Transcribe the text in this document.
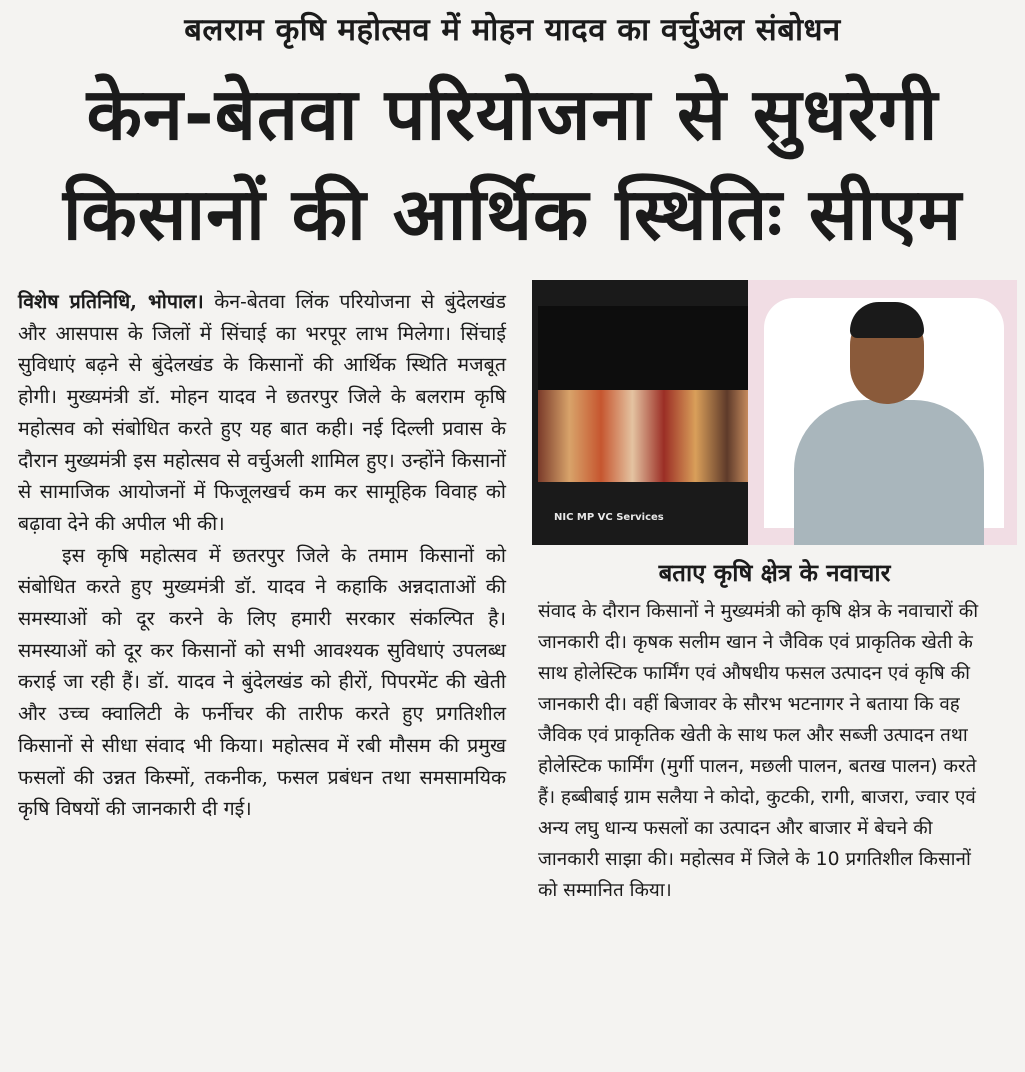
बलराम कृषि महोत्सव में मोहन यादव का वर्चुअल संबोधन
केन-बेतवा परियोजना से सुधरेगी
किसानों की आर्थिक स्थितिः सीएम

विशेष प्रतिनिधि, भोपाल। केन-बेतवा लिंक परियोजना से बुंदेलखंड और आसपास के जिलों में सिंचाई का भरपूर लाभ मिलेगा। सिंचाई सुविधाएं बढ़ने से बुंदेलखंड के किसानों की आर्थिक स्थिति मजबूत होगी। मुख्यमंत्री डॉ. मोहन यादव ने छतरपुर जिले के बलराम कृषि महोत्सव को संबोधित करते हुए यह बात कही। नई दिल्ली प्रवास के दौरान मुख्यमंत्री इस महोत्सव से वर्चुअली शामिल हुए। उन्होंने किसानों से सामाजिक आयोजनों में फिजूलखर्च कम कर सामूहिक विवाह को बढ़ावा देने की अपील भी की।

इस कृषि महोत्सव में छतरपुर जिले के तमाम किसानों को संबोधित करते हुए मुख्यमंत्री डॉ. यादव ने कहाकि अन्नदाताओं की समस्याओं को दूर करने के लिए हमारी सरकार संकल्पित है। समस्याओं को दूर कर किसानों को सभी आवश्यक सुविधाएं उपलब्ध कराई जा रही हैं। डॉ. यादव ने बुंदेलखंड को हीरों, पिपरमेंट की खेती और उच्च क्वालिटी के फर्नीचर की तारीफ करते हुए प्रगतिशील किसानों से सीधा संवाद भी किया। महोत्सव में रबी मौसम की प्रमुख फसलों की उन्नत किस्मों, तकनीक, फसल प्रबंधन तथा समसामयिक कृषि विषयों की जानकारी दी गई।

NIC MP VC Services
बताए कृषि क्षेत्र के नवाचार

संवाद के दौरान किसानों ने मुख्यमंत्री को कृषि क्षेत्र के नवाचारों की जानकारी दी। कृषक सलीम खान ने जैविक एवं प्राकृतिक खेती के साथ होलेस्टिक फार्मिंग एवं औषधीय फसल उत्पादन एवं कृषि की जानकारी दी। वहीं बिजावर के सौरभ भटनागर ने बताया कि वह जैविक एवं प्राकृतिक खेती के साथ फल और सब्जी उत्पादन तथा होलेस्टिक फार्मिंग (मुर्गी पालन, मछली पालन, बतख पालन) करते हैं। हब्बीबाई ग्राम सलैया ने कोदो, कुटकी, रागी, बाजरा, ज्वार एवं अन्य लघु धान्य फसलों का उत्पादन और बाजार में बेचने की जानकारी साझा की। महोत्सव में जिले के 10 प्रगतिशील किसानों को सम्मानित किया।
